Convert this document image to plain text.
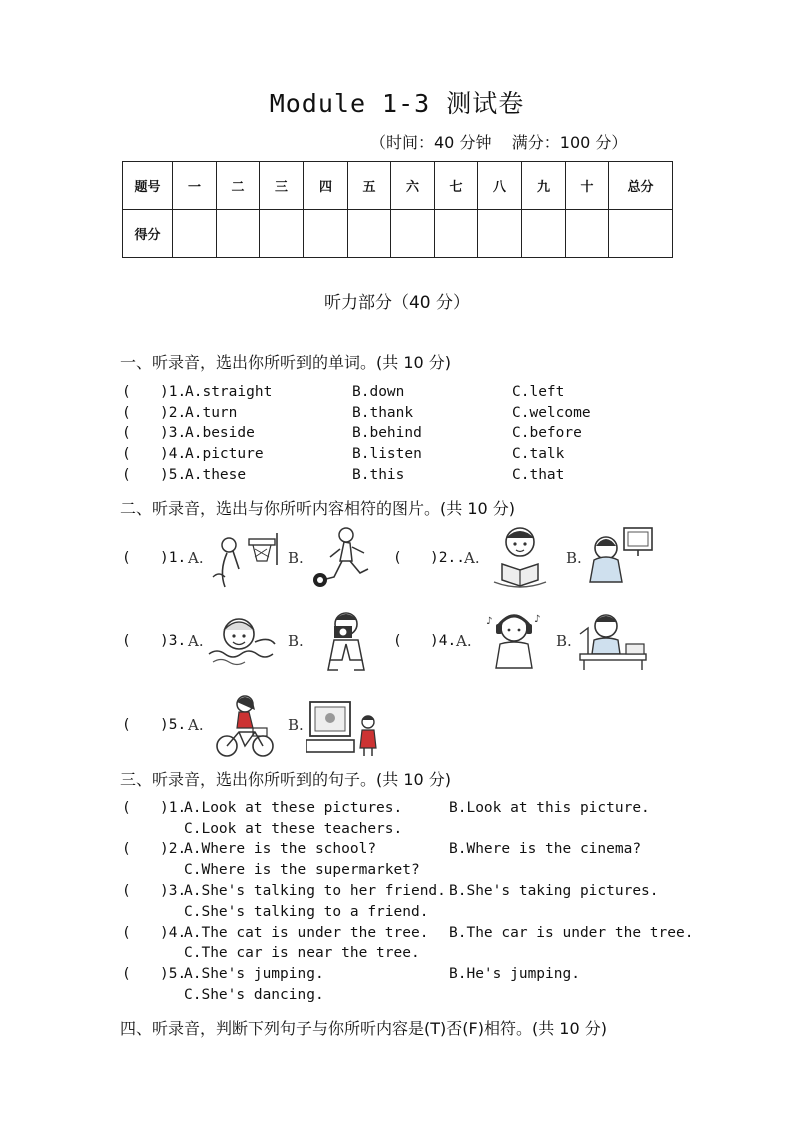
Module 1-3 测试卷
（时间：40 分钟    满分：100 分）
题号	一	二	三	四	五	六	七	八	九	十	总分
得分											
听力部分（40 分）
一、听录音，选出你所听到的单词。(共 10 分)
( )1.
A.straight	B.down	C.left
( )2.
A.turn	B.thank	C.welcome
( )3.
A.beside	B.behind	C.before
( )4.
A.picture	B.listen	C.talk
( )5.
A.these	B.this	C.that
二、听录音，选出与你所听内容相符的图片。(共 10 分)
( )1. A.	B.	( )2.. A.	B.
( )3. A.	B.	( )4. A.
♪	♪
B.
( )5. A.	B.
三、听录音，选出你所听到的句子。(共 10 分)
( )1.
A.Look at these pictures.	B.Look at this picture.
C.Look at these teachers.
( )2.
A.Where is the school?	B.Where is the cinema?
C.Where is the supermarket?
( )3.
A.She's talking to her friend. B.She's taking pictures.
C.She's talking to a friend.
( )4.
A.The cat is under the tree. B.The car is under the tree.
C.The car is near the tree.
( )5.
A.She's jumping.	B.He's jumping.
C.She's dancing.
四、听录音，判断下列句子与你所听内容是(T)否(F)相符。(共 10 分)
